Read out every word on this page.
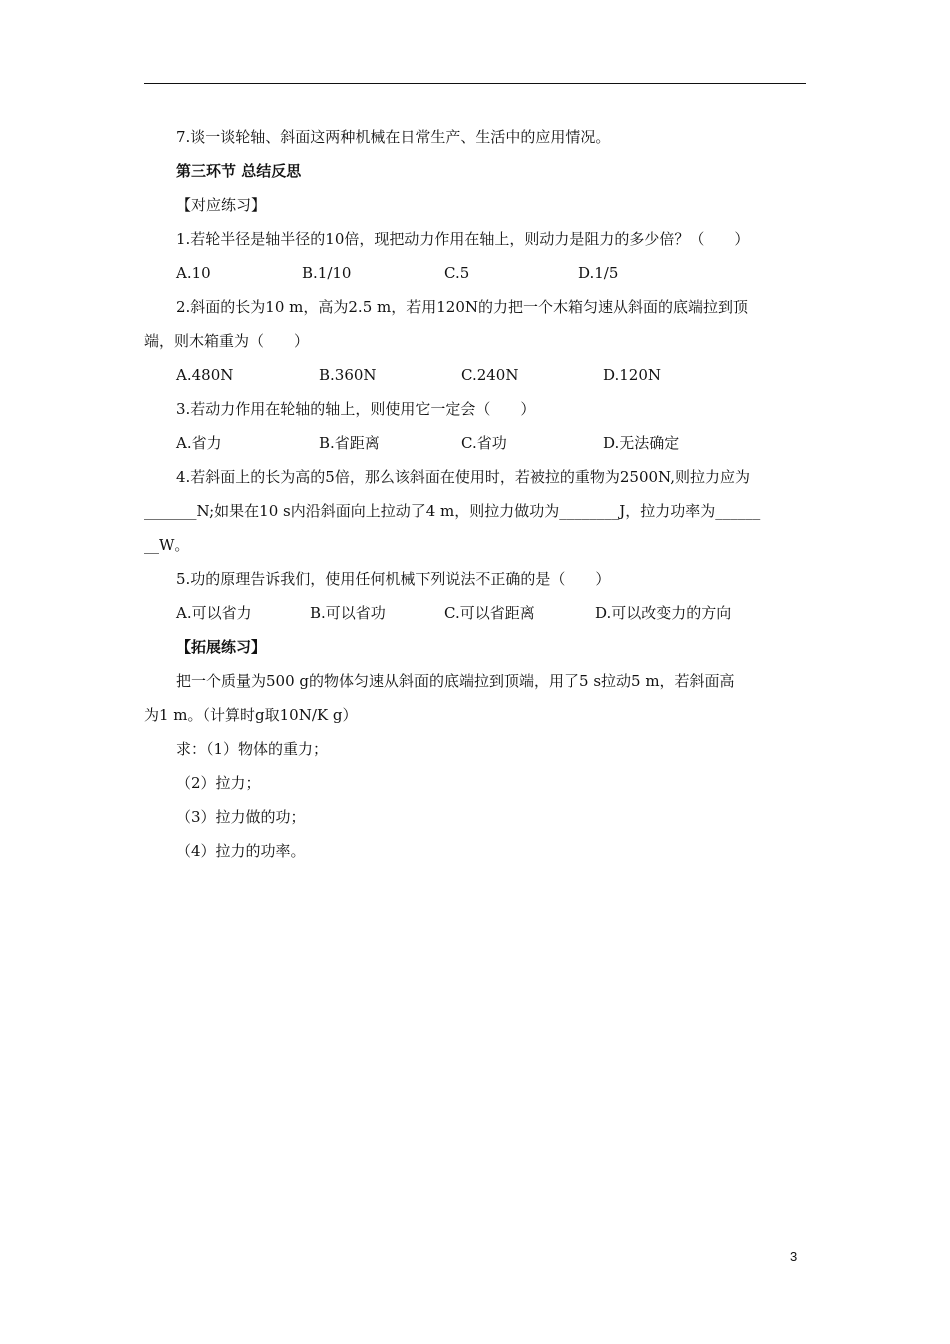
7.谈一谈轮轴、斜面这两种机械在日常生产、生活中的应用情况。

第三环节 总结反思

【对应练习】

1.若轮半径是轴半径的10倍，现把动力作用在轴上，则动力是阻力的多少倍？（　　）

A.10	B.1/10	C.5	D.1/5

2.斜面的长为10 m，高为2.5 m，若用120N的力把一个木箱匀速从斜面的底端拉到顶

端，则木箱重为（　　）

A.480N	B.360N	C.240N	D.120N

3.若动力作用在轮轴的轴上，则使用它一定会（　　）

A.省力	B.省距离	C.省功	D.无法确定

4.若斜面上的长为高的5倍，那么该斜面在使用时，若被拉的重物为2500N,则拉力应为

_______N;如果在10 s内沿斜面向上拉动了4 m，则拉力做功为________J，拉力功率为______

__W。

5.功的原理告诉我们，使用任何机械下列说法不正确的是（　　）

A.可以省力	B.可以省功	C.可以省距离	D.可以改变力的方向

【拓展练习】

把一个质量为500 g的物体匀速从斜面的底端拉到顶端，用了5 s拉动5 m，若斜面高

为1 m。（计算时g取10N/K g）

求：（1）物体的重力；

（2）拉力；

（3）拉力做的功；

（4）拉力的功率。

3
